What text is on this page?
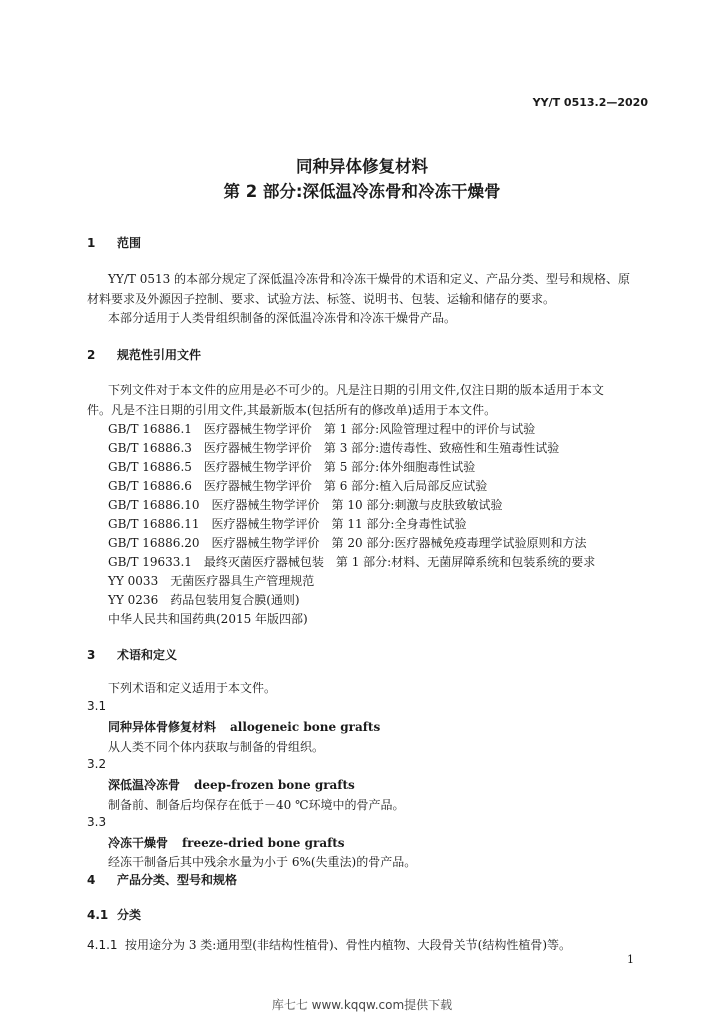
YY/T 0513.2—2020
同种异体修复材料
第 2 部分:深低温冷冻骨和冷冻干燥骨
1 范围
YY/T 0513 的本部分规定了深低温冷冻骨和冷冻干燥骨的术语和定义、产品分类、型号和规格、原
材料要求及外源因子控制、要求、试验方法、标签、说明书、包装、运输和储存的要求。
本部分适用于人类骨组织制备的深低温冷冻骨和冷冻干燥骨产品。
2 规范性引用文件
下列文件对于本文件的应用是必不可少的。凡是注日期的引用文件,仅注日期的版本适用于本文
件。凡是不注日期的引用文件,其最新版本(包括所有的修改单)适用于本文件。
GB/T 16886.1　医疗器械生物学评价　第 1 部分:风险管理过程中的评价与试验
GB/T 16886.3　医疗器械生物学评价　第 3 部分:遗传毒性、致癌性和生殖毒性试验
GB/T 16886.5　医疗器械生物学评价　第 5 部分:体外细胞毒性试验
GB/T 16886.6　医疗器械生物学评价　第 6 部分:植入后局部反应试验
GB/T 16886.10　医疗器械生物学评价　第 10 部分:刺激与皮肤致敏试验
GB/T 16886.11　医疗器械生物学评价　第 11 部分:全身毒性试验
GB/T 16886.20　医疗器械生物学评价　第 20 部分:医疗器械免疫毒理学试验原则和方法
GB/T 19633.1　最终灭菌医疗器械包装　第 1 部分:材料、无菌屏障系统和包装系统的要求
YY 0033　无菌医疗器具生产管理规范
YY 0236　药品包装用复合膜(通则)
中华人民共和国药典(2015 年版四部)
3 术语和定义
下列术语和定义适用于本文件。
3.1
同种异体骨修复材料 allogeneic bone grafts
从人类不同个体内获取与制备的骨组织。
3.2
深低温冷冻骨 deep-frozen bone grafts
制备前、制备后均保存在低于－40 ℃环境中的骨产品。
3.3
冷冻干燥骨 freeze-dried bone grafts
经冻干制备后其中残余水量为小于 6%(失重法)的骨产品。
4 产品分类、型号和规格
4.1 分类
4.1.1 按用途分为 3 类:通用型(非结构性植骨)、骨性内植物、大段骨关节(结构性植骨)等。
1
库七七 www.kqqw.com提供下载
